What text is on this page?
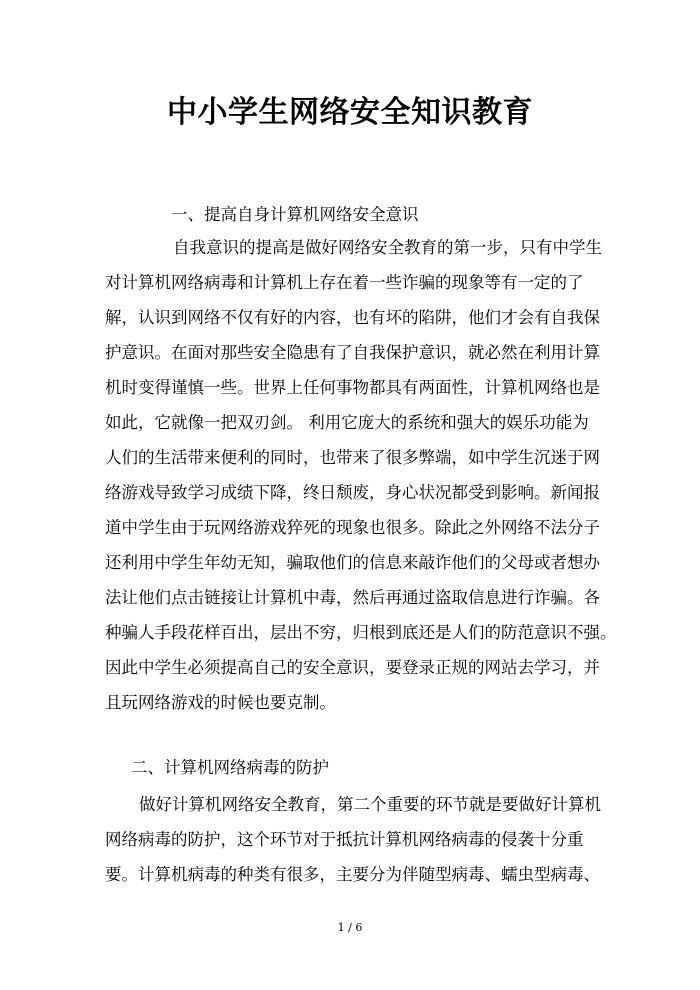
中小学生网络安全知识教育
一、提高自身计算机网络安全意识
自我意识的提高是做好网络安全教育的第一步，只有中学生
对计算机网络病毒和计算机上存在着一些诈骗的现象等有一定的了
解，认识到网络不仅有好的内容，也有坏的陷阱，他们才会有自我保
护意识。在面对那些安全隐患有了自我保护意识，就必然在利用计算
机时变得谨慎一些。世界上任何事物都具有两面性，计算机网络也是
如此，它就像一把双刃剑。 利用它庞大的系统和强大的娱乐功能为
人们的生活带来便利的同时，也带来了很多弊端，如中学生沉迷于网
络游戏导致学习成绩下降，终日颓废，身心状况都受到影响。新闻报
道中学生由于玩网络游戏猝死的现象也很多。除此之外网络不法分子
还利用中学生年幼无知，骗取他们的信息来敲诈他们的父母或者想办
法让他们点击链接让计算机中毒，然后再通过盗取信息进行诈骗。各
种骗人手段花样百出，层出不穷，归根到底还是人们的防范意识不强。
因此中学生必须提高自己的安全意识，要登录正规的网站去学习，并
且玩网络游戏的时候也要克制。
二、计算机网络病毒的防护
做好计算机网络安全教育，第二个重要的环节就是要做好计算机
网络病毒的防护，这个环节对于抵抗计算机网络病毒的侵袭十分重
要。计算机病毒的种类有很多，主要分为伴随型病毒、蠕虫型病毒、
1 / 6
